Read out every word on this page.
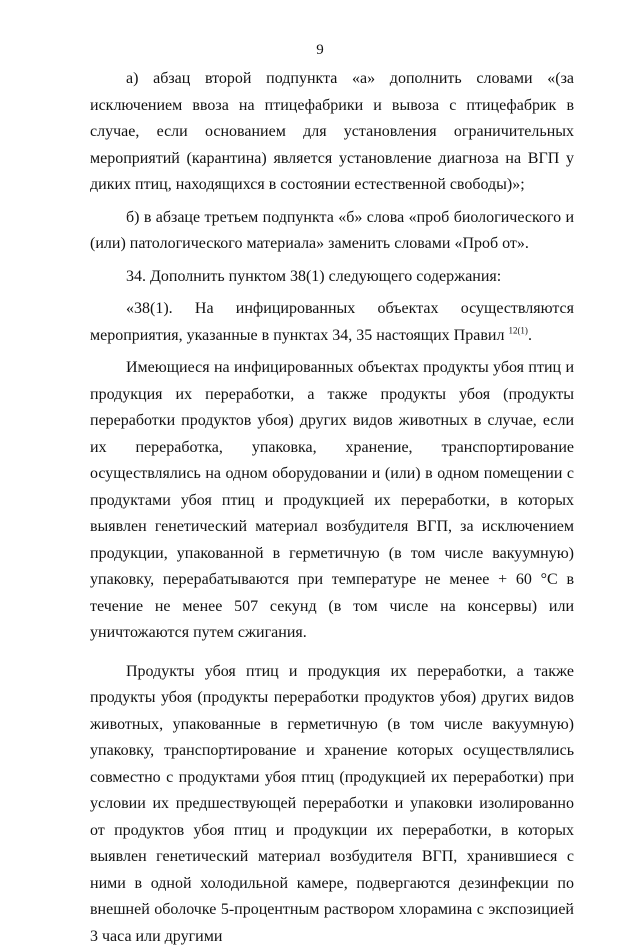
9

а) абзац второй подпункта «а» дополнить словами «(за исключением ввоза на птицефабрики и вывоза с птицефабрик в случае, если основанием для установления ограничительных мероприятий (карантина) является установление диагноза на ВГП у диких птиц, находящихся в состоянии естественной свободы)»;

б) в абзаце третьем подпункта «б» слова «проб биологического и (или) патологического материала» заменить словами «Проб от».

34. Дополнить пунктом 38(1) следующего содержания:

«38(1). На инфицированных объектах осуществляются мероприятия, указанные в пунктах 34, 35 настоящих Правил $^{12(1)}$.

Имеющиеся на инфицированных объектах продукты убоя птиц и продукция их переработки, а также продукты убоя (продукты переработки продуктов убоя) других видов животных в случае, если их переработка, упаковка, хранение, транспортирование осуществлялись на одном оборудовании и (или) в одном помещении с продуктами убоя птиц и продукцией их переработки, в которых выявлен генетический материал возбудителя ВГП, за исключением продукции, упакованной в герметичную (в том числе вакуумную) упаковку, перерабатываются при температуре не менее + 60 °С в течение не менее 507 секунд (в том числе на консервы) или уничтожаются путем сжигания.

Продукты убоя птиц и продукция их переработки, а также продукты убоя (продукты переработки продуктов убоя) других видов животных, упакованные в герметичную (в том числе вакуумную) упаковку, транспортирование и хранение которых осуществлялись совместно с продуктами убоя птиц (продукцией их переработки) при условии их предшествующей переработки и упаковки изолированно от продуктов убоя птиц и продукции их переработки, в которых выявлен генетический материал возбудителя ВГП, хранившиеся с ними в одной холодильной камере, подвергаются дезинфекции по внешней оболочке 5-процентным раствором хлорамина с экспозицией 3 часа или другими
